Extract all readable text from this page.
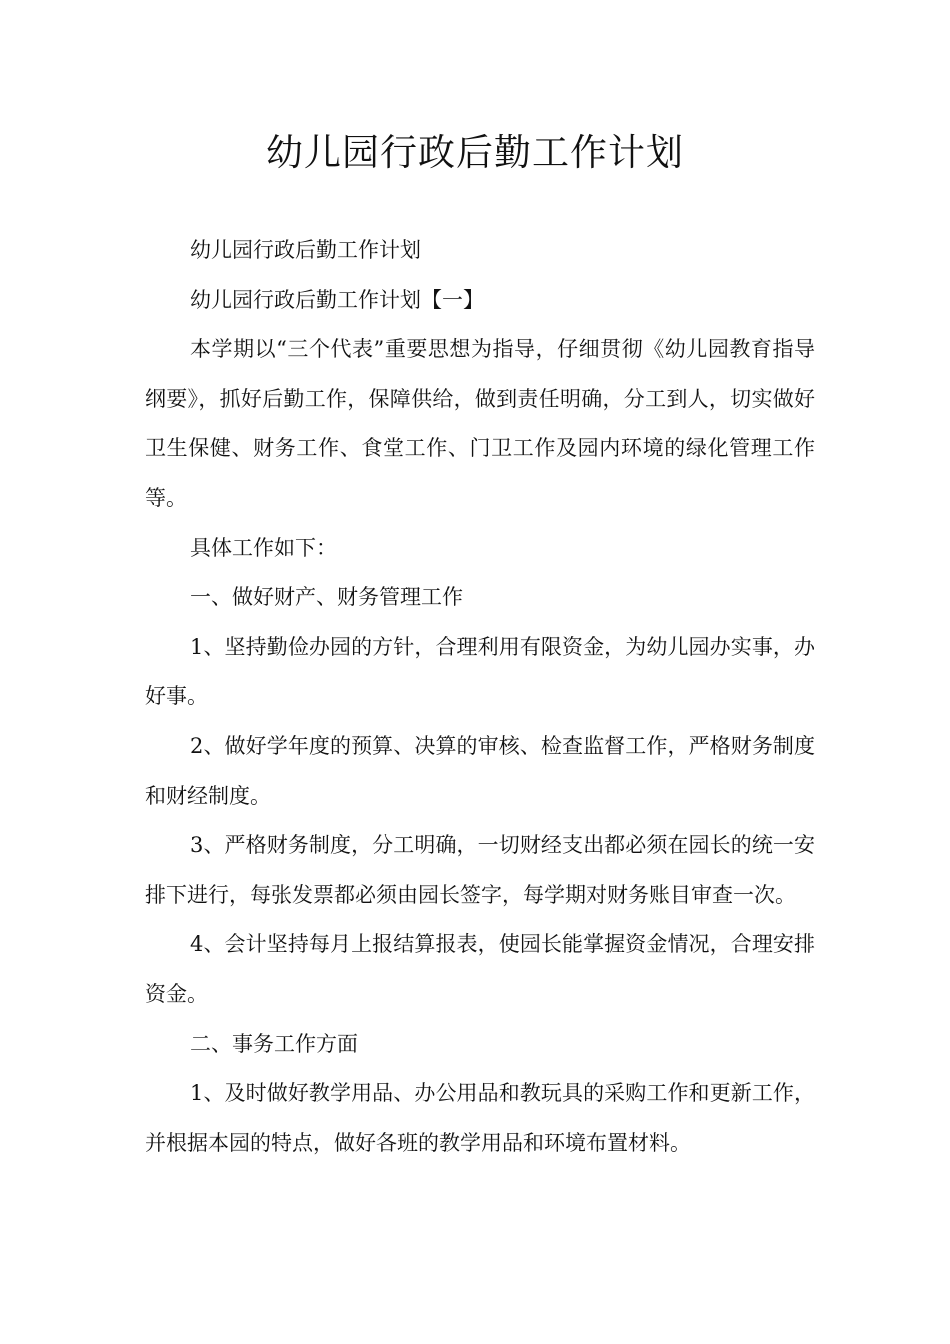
幼儿园行政后勤工作计划

幼儿园行政后勤工作计划

幼儿园行政后勤工作计划【一】

本学期以“三个代表”重要思想为指导，仔细贯彻《幼儿园教育指导纲要》，抓好后勤工作，保障供给，做到责任明确，分工到人，切实做好卫生保健、财务工作、食堂工作、门卫工作及园内环境的绿化管理工作等。

具体工作如下：

一、做好财产、财务管理工作

1、坚持勤俭办园的方针，合理利用有限资金，为幼儿园办实事，办好事。

2、做好学年度的预算、决算的审核、检查监督工作，严格财务制度和财经制度。

3、严格财务制度，分工明确，一切财经支出都必须在园长的统一安排下进行，每张发票都必须由园长签字，每学期对财务账目审查一次。

4、会计坚持每月上报结算报表，使园长能掌握资金情况，合理安排资金。

二、事务工作方面

1、及时做好教学用品、办公用品和教玩具的采购工作和更新工作，并根据本园的特点，做好各班的教学用品和环境布置材料。
